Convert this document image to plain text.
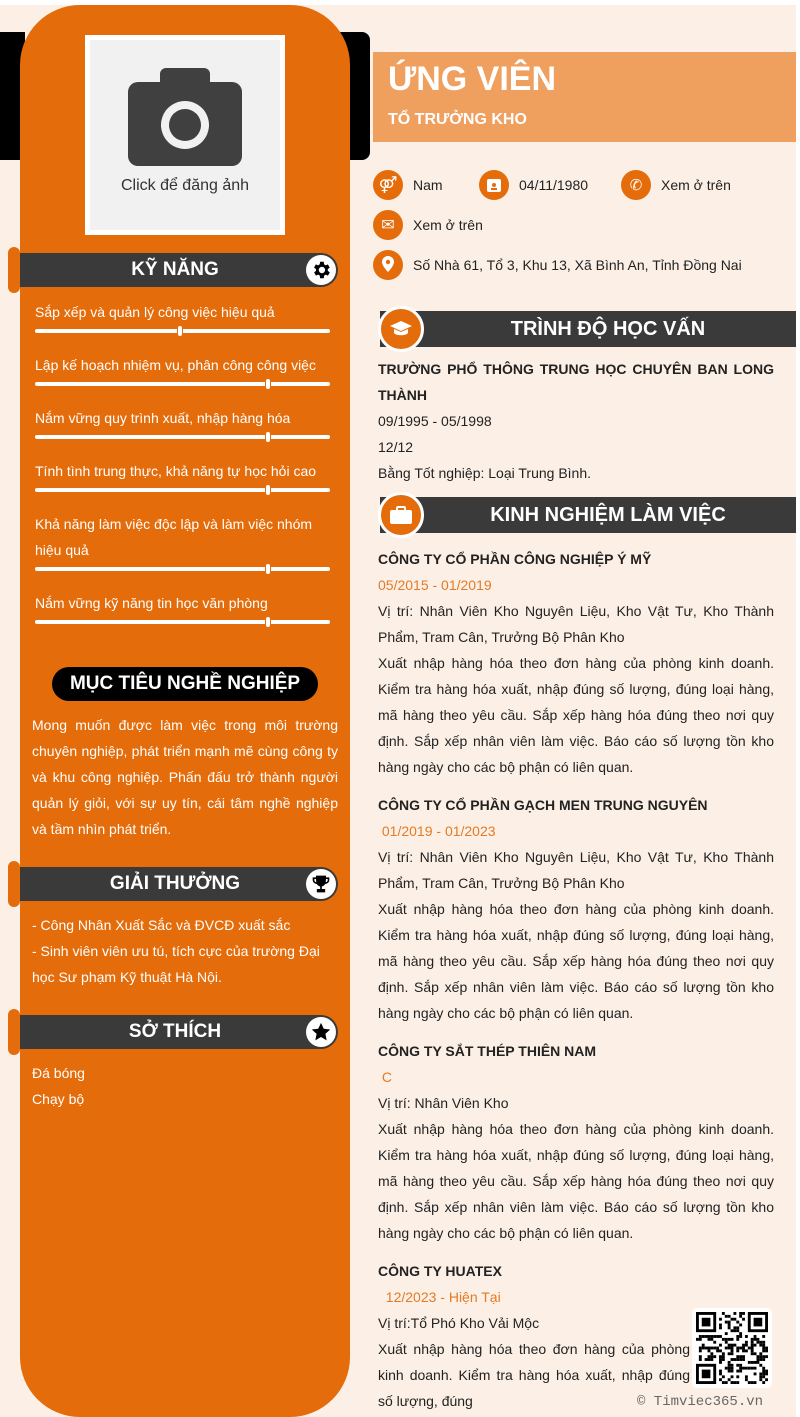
Click để đăng ảnh
KỸ NĂNG
Sắp xếp và quản lý công việc hiệu quả
Lập kế hoạch nhiệm vụ, phân công công việc
Nắm vững quy trình xuất, nhập hàng hóa
Tính tình trung thực, khả năng tự học hỏi cao
Khả năng làm việc độc lập và làm việc nhóm hiệu quả
Nắm vững kỹ năng tin học văn phòng
MỤC TIÊU NGHỀ NGHIỆP
Mong muốn được làm việc trong môi trường chuyên nghiệp, phát triển mạnh mẽ cùng công ty và khu công nghiệp. Phấn đấu trở thành người quản lý giỏi, với sự uy tín, cái tâm nghề nghiệp và tầm nhìn phát triển.
GIẢI THƯỞNG
- Công Nhân Xuất Sắc và ĐVCĐ xuất sắc
- Sinh viên viên ưu tú, tích cực của trường Đại học Sư phạm Kỹ thuật Hà Nội.
SỞ THÍCH
Đá bóng
Chạy bộ
ỨNG VIÊN
TỔ TRƯỞNG KHO
⚤ Nam	04/11/1980	✆ Xem ở trên
✉ Xem ở trên
Số Nhà 61, Tổ 3, Khu 13, Xã Bình An, Tỉnh Đồng Nai
TRÌNH ĐỘ HỌC VẤN
TRƯỜNG PHỔ THÔNG TRUNG HỌC CHUYÊN BAN LONG THÀNH
09/1995 - 05/1998
12/12
Bằng Tốt nghiệp: Loại Trung Bình.
KINH NGHIỆM LÀM VIỆC
CÔNG TY CỔ PHẦN CÔNG NGHIỆP Ý MỸ
05/2015 - 01/2019
Vị trí: Nhân Viên Kho Nguyên Liệu, Kho Vật Tư, Kho Thành Phẩm, Tram Cân, Trưởng Bộ Phân Kho
Xuất nhập hàng hóa theo đơn hàng của phòng kinh doanh. Kiểm tra hàng hóa xuất, nhập đúng số lượng, đúng loại hàng, mã hàng theo yêu cầu. Sắp xếp hàng hóa đúng theo nơi quy định. Sắp xếp nhân viên làm việc. Báo cáo số lượng tồn kho hàng ngày cho các bộ phận có liên quan.
CÔNG TY CỔ PHẦN GẠCH MEN TRUNG NGUYÊN
01/2019 - 01/2023
Vị trí: Nhân Viên Kho Nguyên Liệu, Kho Vật Tư, Kho Thành Phẩm, Tram Cân, Trưởng Bộ Phân Kho
Xuất nhập hàng hóa theo đơn hàng của phòng kinh doanh. Kiểm tra hàng hóa xuất, nhập đúng số lượng, đúng loại hàng, mã hàng theo yêu cầu. Sắp xếp hàng hóa đúng theo nơi quy định. Sắp xếp nhân viên làm việc. Báo cáo số lượng tồn kho hàng ngày cho các bộ phận có liên quan.
CÔNG TY SẮT THÉP THIÊN NAM
C
Vị trí: Nhân Viên Kho
Xuất nhập hàng hóa theo đơn hàng của phòng kinh doanh. Kiểm tra hàng hóa xuất, nhập đúng số lượng, đúng loại hàng, mã hàng theo yêu cầu. Sắp xếp hàng hóa đúng theo nơi quy định. Sắp xếp nhân viên làm việc. Báo cáo số lượng tồn kho hàng ngày cho các bộ phận có liên quan.
CÔNG TY HUATEX
12/2023 - Hiện Tại
Vị trí:Tổ Phó Kho Vải Mộc
Xuất nhập hàng hóa theo đơn hàng của phòng kinh doanh. Kiểm tra hàng hóa xuất, nhập đúng số lượng, đúng	© Timviec365.vn
